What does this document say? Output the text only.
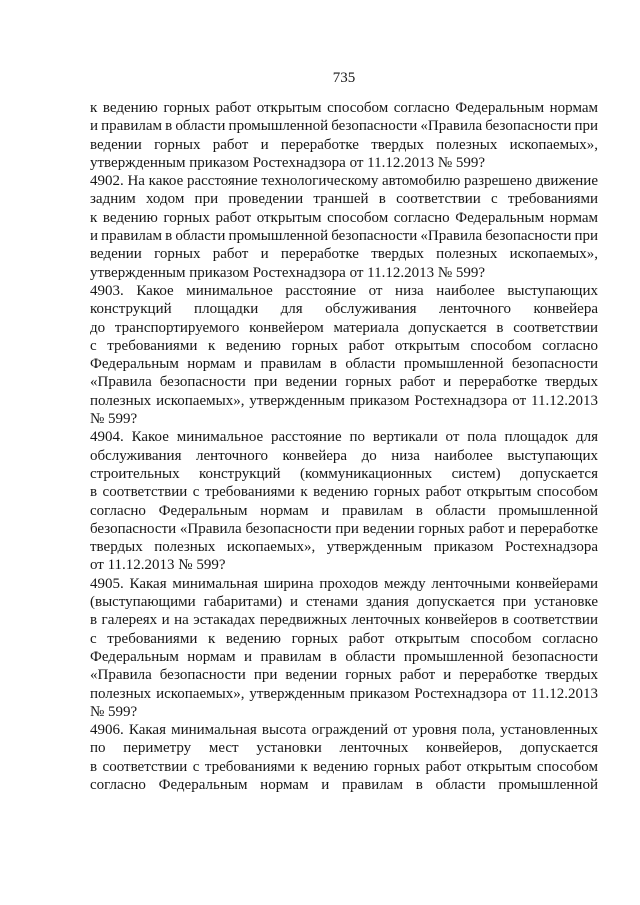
735
к ведению горных работ открытым способом согласно Федеральным нормам
и правилам в области промышленной безопасности «Правила безопасности при
ведении горных работ и переработке твердых полезных ископаемых»,
утвержденным приказом Ростехнадзора от 11.12.2013 № 599?
4902. На какое расстояние технологическому автомобилю разрешено движение
задним ходом при проведении траншей в соответствии с требованиями
к ведению горных работ открытым способом согласно Федеральным нормам
и правилам в области промышленной безопасности «Правила безопасности при
ведении горных работ и переработке твердых полезных ископаемых»,
утвержденным приказом Ростехнадзора от 11.12.2013 № 599?
4903. Какое минимальное расстояние от низа наиболее выступающих
конструкций площадки для обслуживания ленточного конвейера
до транспортируемого конвейером материала допускается в соответствии
с требованиями к ведению горных работ открытым способом согласно
Федеральным нормам и правилам в области промышленной безопасности
«Правила безопасности при ведении горных работ и переработке твердых
полезных ископаемых», утвержденным приказом Ростехнадзора от 11.12.2013
№ 599?
4904. Какое минимальное расстояние по вертикали от пола площадок для
обслуживания ленточного конвейера до низа наиболее выступающих
строительных конструкций (коммуникационных систем) допускается
в соответствии с требованиями к ведению горных работ открытым способом
согласно Федеральным нормам и правилам в области промышленной
безопасности «Правила безопасности при ведении горных работ и переработке
твердых полезных ископаемых», утвержденным приказом Ростехнадзора
от 11.12.2013 № 599?
4905. Какая минимальная ширина проходов между ленточными конвейерами
(выступающими габаритами) и стенами здания допускается при установке
в галереях и на эстакадах передвижных ленточных конвейеров в соответствии
с требованиями к ведению горных работ открытым способом согласно
Федеральным нормам и правилам в области промышленной безопасности
«Правила безопасности при ведении горных работ и переработке твердых
полезных ископаемых», утвержденным приказом Ростехнадзора от 11.12.2013
№ 599?
4906. Какая минимальная высота ограждений от уровня пола, установленных
по периметру мест установки ленточных конвейеров, допускается
в соответствии с требованиями к ведению горных работ открытым способом
согласно Федеральным нормам и правилам в области промышленной
